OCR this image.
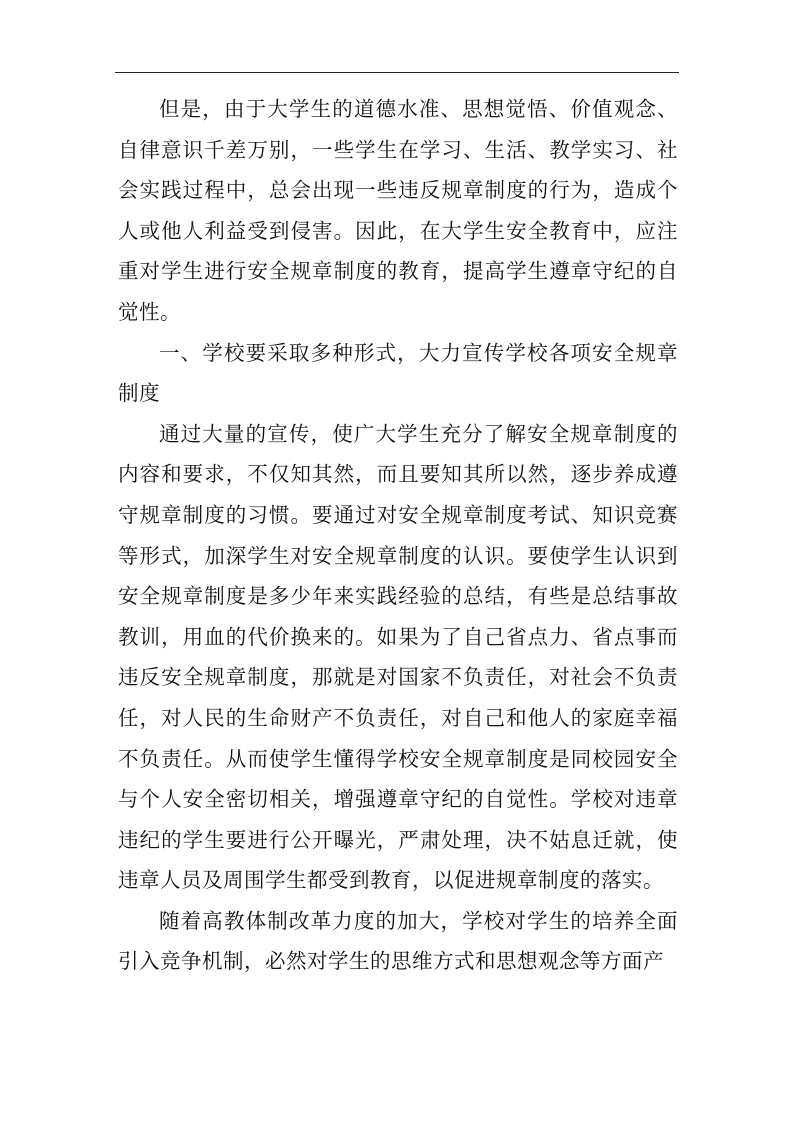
但是，由于大学生的道德水准、思想觉悟、价值观念、自律意识千差万别，一些学生在学习、生活、教学实习、社会实践过程中，总会出现一些违反规章制度的行为，造成个人或他人利益受到侵害。因此，在大学生安全教育中，应注重对学生进行安全规章制度的教育，提高学生遵章守纪的自觉性。

一、学校要采取多种形式，大力宣传学校各项安全规章制度

通过大量的宣传，使广大学生充分了解安全规章制度的内容和要求，不仅知其然，而且要知其所以然，逐步养成遵守规章制度的习惯。要通过对安全规章制度考试、知识竞赛等形式，加深学生对安全规章制度的认识。要使学生认识到安全规章制度是多少年来实践经验的总结，有些是总结事故教训，用血的代价换来的。如果为了自己省点力、省点事而违反安全规章制度，那就是对国家不负责任，对社会不负责任，对人民的生命财产不负责任，对自己和他人的家庭幸福不负责任。从而使学生懂得学校安全规章制度是同校园安全与个人安全密切相关，增强遵章守纪的自觉性。学校对违章违纪的学生要进行公开曝光，严肃处理，决不姑息迁就，使违章人员及周围学生都受到教育，以促进规章制度的落实。

随着高教体制改革力度的加大，学校对学生的培养全面引入竞争机制，必然对学生的思维方式和思想观念等方面产
